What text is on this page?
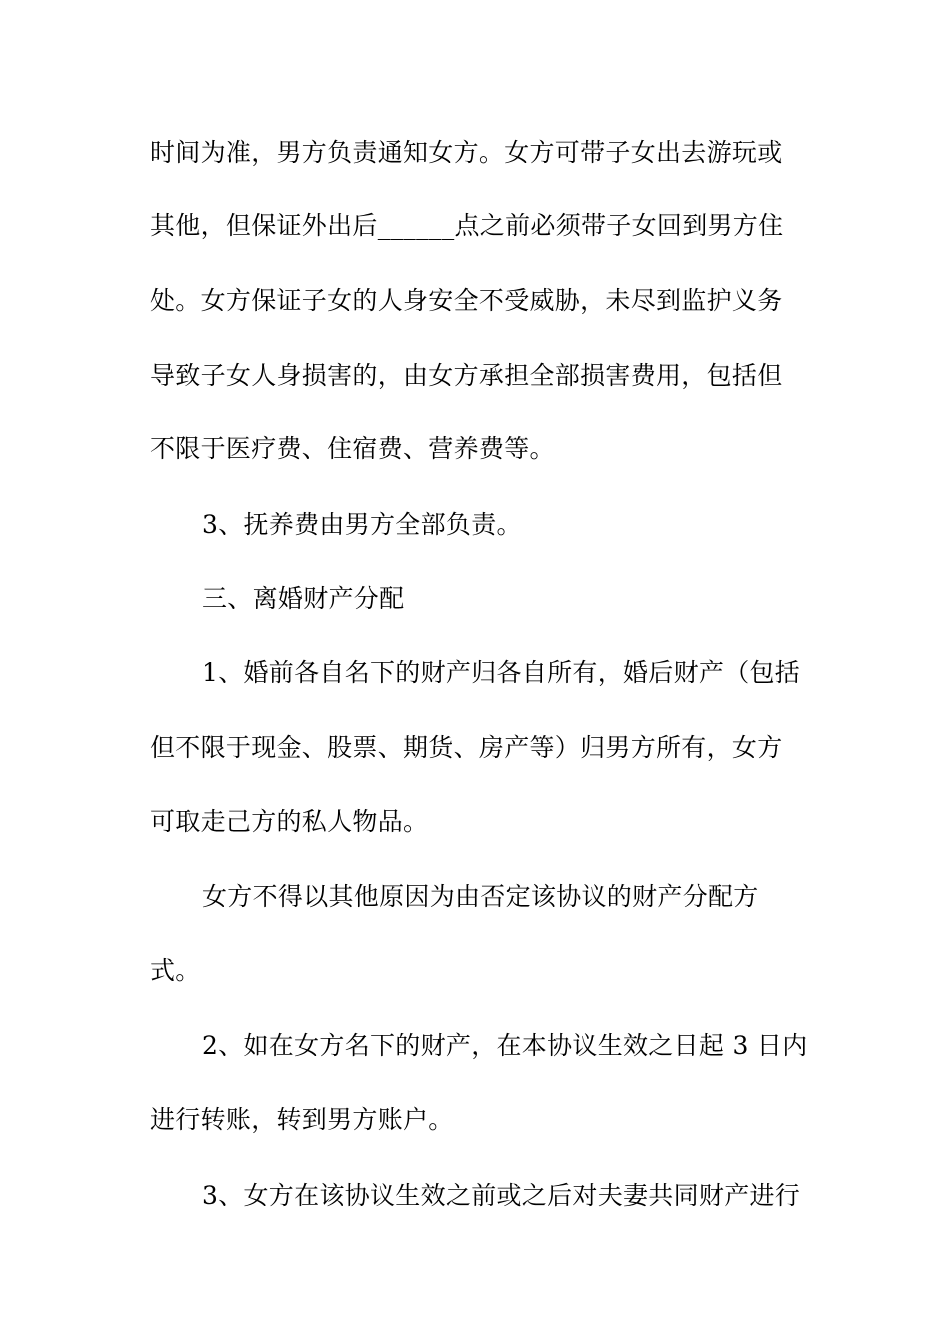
时间为准，男方负责通知女方。女方可带子女出去游玩或
其他，但保证外出后______点之前必须带子女回到男方住
处。女方保证子女的人身安全不受威胁，未尽到监护义务
导致子女人身损害的，由女方承担全部损害费用，包括但
不限于医疗费、住宿费、营养费等。
3、抚养费由男方全部负责。
三、离婚财产分配
1、婚前各自名下的财产归各自所有，婚后财产（包括
但不限于现金、股票、期货、房产等）归男方所有，女方
可取走己方的私人物品。
女方不得以其他原因为由否定该协议的财产分配方
式。
2、如在女方名下的财产，在本协议生效之日起 3 日内
进行转账，转到男方账户。
3、女方在该协议生效之前或之后对夫妻共同财产进行
